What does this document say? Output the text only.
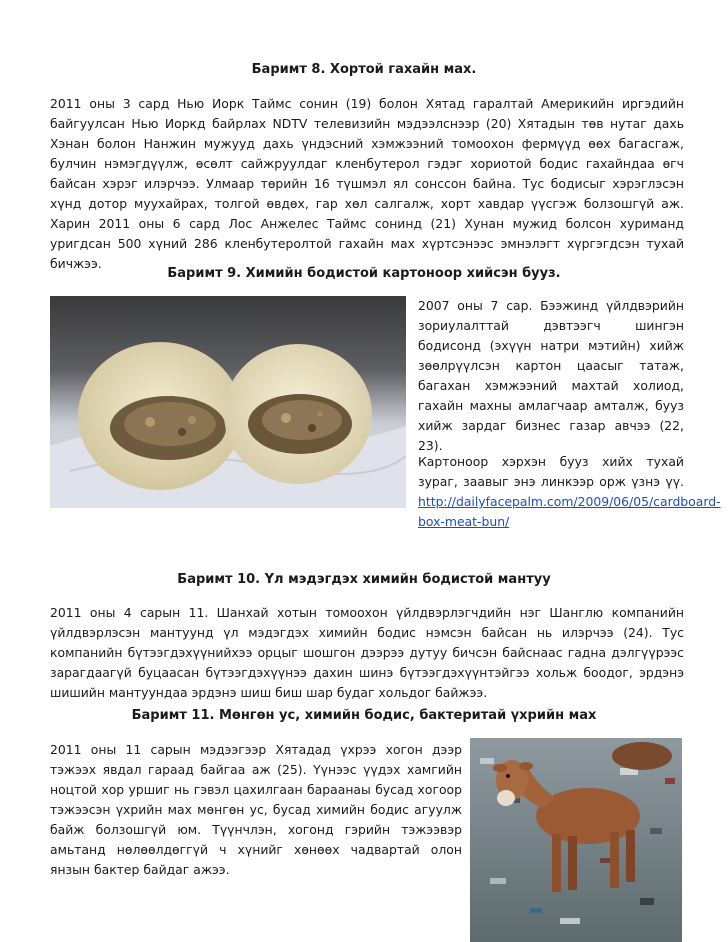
Баримт 8. Хортой гахайн мах.
2011 оны 3 сард Нью Иорк Таймс сонин (19) болон Хятад гаралтай Америкийн иргэдийн байгуулсан Нью Иоркд байрлах NDTV телевизийн мэдээлснээр (20) Хятадын төв нутаг дахь Хэнан болон Нанжин мужууд дахь үндэсний хэмжээний томоохон фермүүд өөх багасгаж, булчин нэмэгдүүлж, өсөлт сайжруулдаг кленбутерол гэдэг хориотой бодис гахайндаа өгч байсан хэрэг илэрчээ. Улмаар төрийн 16 түшмэл ял сонссон байна. Тус бодисыг хэрэглэсэн хүнд дотор муухайрах, толгой өвдөх, гар хөл салгалж, хорт хавдар үүсгэж болзошгүй аж. Харин 2011 оны 6 сард Лос Анжелес Таймс сонинд (21) Хунан мужид болсон хуриманд уригдсан 500 хүний 286 кленбутеролтой гахайн мах хүртсэнээс эмнэлэгт хүргэгдсэн тухай бичжээ.
Баримт 9. Химийн бодистой картоноор хийсэн бууз.
2007 оны 7 сар. Бээжинд үйлдвэрийн зориулалттай дэвтээгч шингэн бодисонд (эхүүн натри мэтийн) хийж зөөлрүүлсэн картон цаасыг татаж, багахан хэмжээний махтай холиод, гахайн махны амлагчаар амталж, бууз хийж зардаг бизнес газар авчээ (22, 23).
Картоноор хэрхэн бууз хийх тухай зураг, заавыг энэ линкээр орж үзнэ үү. http://dailyfacepalm.com/2009/06/05/cardboard-box-meat-bun/
Баримт 10. Үл мэдэгдэх химийн бодистой мантуу
2011 оны 4 сарын 11. Шанхай хотын томоохон үйлдвэрлэгчдийн нэг Шанглю компанийн үйлдвэрлэсэн мантуунд үл мэдэгдэх химийн бодис нэмсэн байсан нь илэрчээ (24). Тус компанийн бүтээгдэхүүнийхээ орцыг шошгон дээрээ дутуу бичсэн байснаас гадна дэлгүүрээс зарагдаагүй буцаасан бүтээгдэхүүнээ дахин шинэ бүтээгдэхүүнтэйгээ хольж боодог, эрдэнэ шишийн мантуундаа эрдэнэ шиш биш шар будаг хольдог байжээ.
Баримт 11. Мөнгөн ус, химийн бодис, бактеритай үхрийн мах
2011 оны 11 сарын мэдээгээр Хятадад үхрээ хогон дээр тэжээх явдал гараад байгаа аж (25). Үүнээс үүдэх хамгийн ноцтой хор уршиг нь гэвэл цахилгаан бараанаы бусад хогоор тэжээсэн үхрийн мах мөнгөн ус, бусад химийн бодис агуулж байж болзошгүй юм. Түүнчлэн, хогонд гэрийн тэжээвэр амьтанд нөлөөлдөггүй ч хүнийг хөнөөх чадвартай олон янзын бактер байдаг ажээ.
